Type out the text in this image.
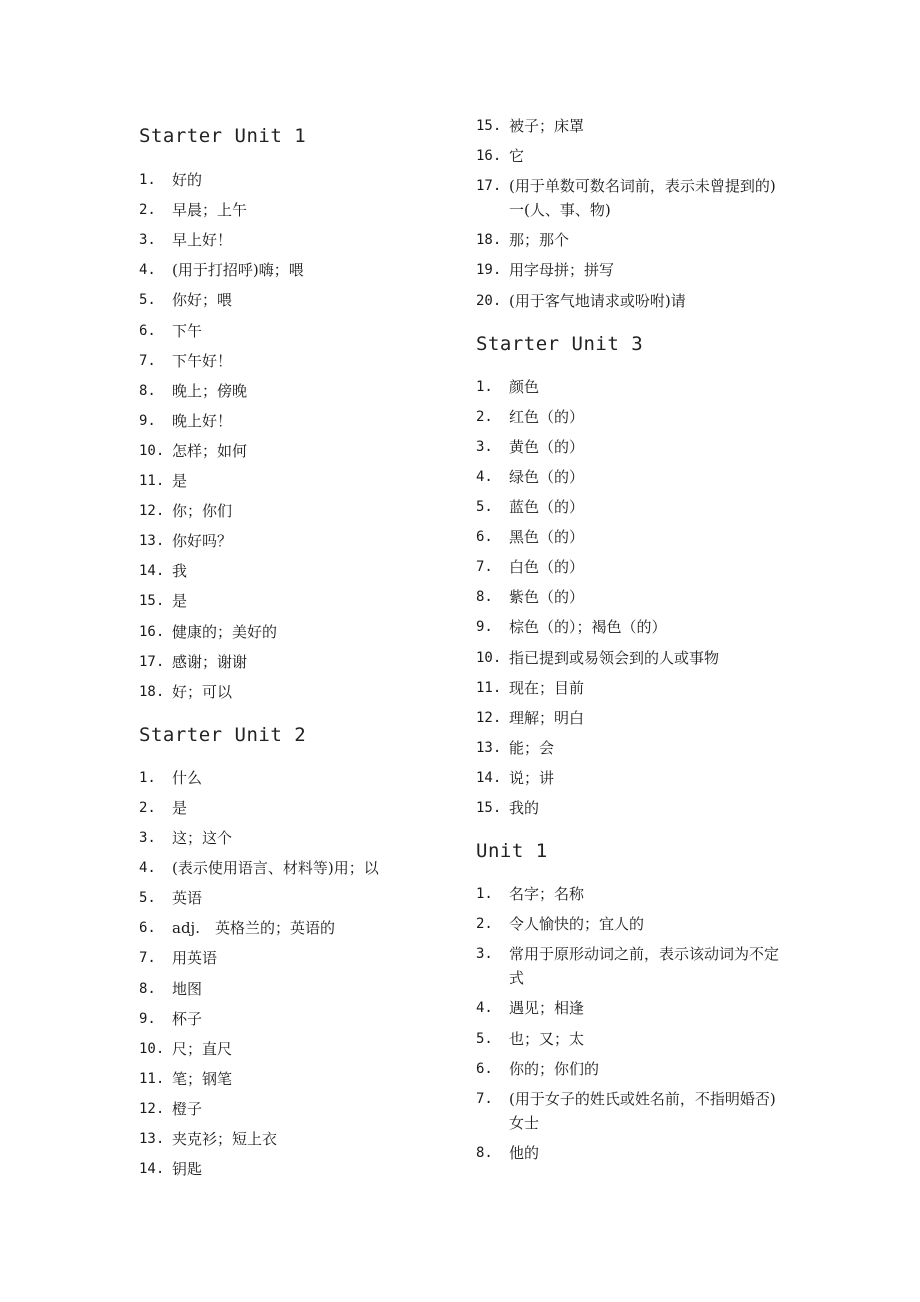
Starter Unit 1
1.	好的
2.	早晨；上午
3.	早上好！
4.	(用于打招呼)嗨；喂
5.	你好；喂
6.	下午
7.	下午好！
8.	晚上；傍晚
9.	晚上好！
10. 怎样；如何
11. 是
12. 你；你们
13. 你好吗？
14. 我
15. 是
16. 健康的；美好的
17. 感谢；谢谢
18. 好；可以
Starter Unit 2
1.	什么
2.	是
3.	这；这个
4.	(表示使用语言、材料等)用；以
5.	英语
6.	adj.　英格兰的；英语的
7.	用英语
8.	地图
9.	杯子
10. 尺；直尺
11. 笔；钢笔
12. 橙子
13. 夹克衫；短上衣
14. 钥匙
15. 被子；床罩
16. 它
17. (用于单数可数名词前，表示未曾提到的)一(人、事、物)
18. 那；那个
19. 用字母拼；拼写
20. (用于客气地请求或吩咐)请
Starter Unit 3
1.	颜色
2.	红色（的）
3.	黄色（的）
4.	绿色（的）
5.	蓝色（的）
6.	黑色（的）
7.	白色（的）
8.	紫色（的）
9.	棕色（的）；褐色（的）
10. 指已提到或易领会到的人或事物
11. 现在；目前
12. 理解；明白
13. 能；会
14. 说；讲
15. 我的
Unit 1
1.	名字；名称
2.	令人愉快的；宜人的
3.	常用于原形动词之前，表示该动词为不定式
4.	遇见；相逢
5.	也；又；太
6.	你的；你们的
7.	(用于女子的姓氏或姓名前，不指明婚否)女士
8.	他的
